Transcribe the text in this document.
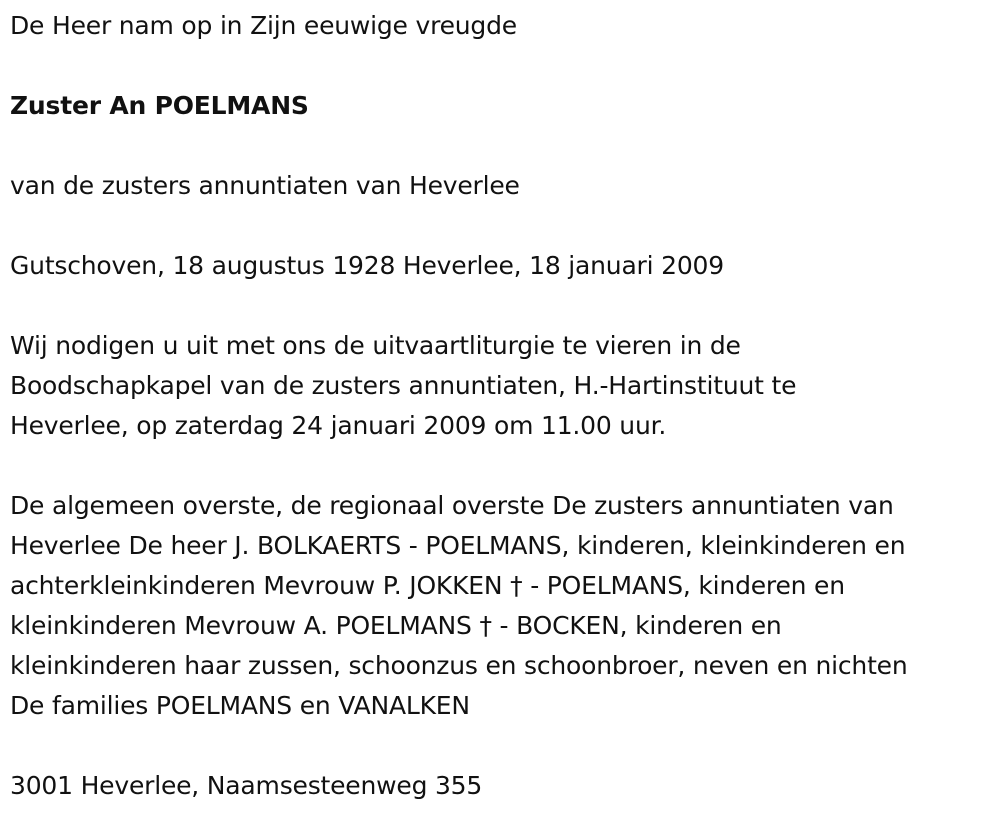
De Heer nam op in Zijn eeuwige vreugde

Zuster An POELMANS

van de zusters annuntiaten van Heverlee

Gutschoven, 18 augustus 1928 Heverlee, 18 januari 2009

Wij nodigen u uit met ons de uitvaartliturgie te vieren in de

Boodschapkapel van de zusters annuntiaten, H.-Hartinstituut te

Heverlee, op zaterdag 24 januari 2009 om 11.00 uur.

De algemeen overste, de regionaal overste De zusters annuntiaten van

Heverlee De heer J. BOLKAERTS - POELMANS, kinderen, kleinkinderen en

achterkleinkinderen Mevrouw P. JOKKEN † - POELMANS, kinderen en

kleinkinderen Mevrouw A. POELMANS † - BOCKEN, kinderen en

kleinkinderen haar zussen, schoonzus en schoonbroer, neven en nichten

De families POELMANS en VANALKEN

3001 Heverlee, Naamsesteenweg 355
